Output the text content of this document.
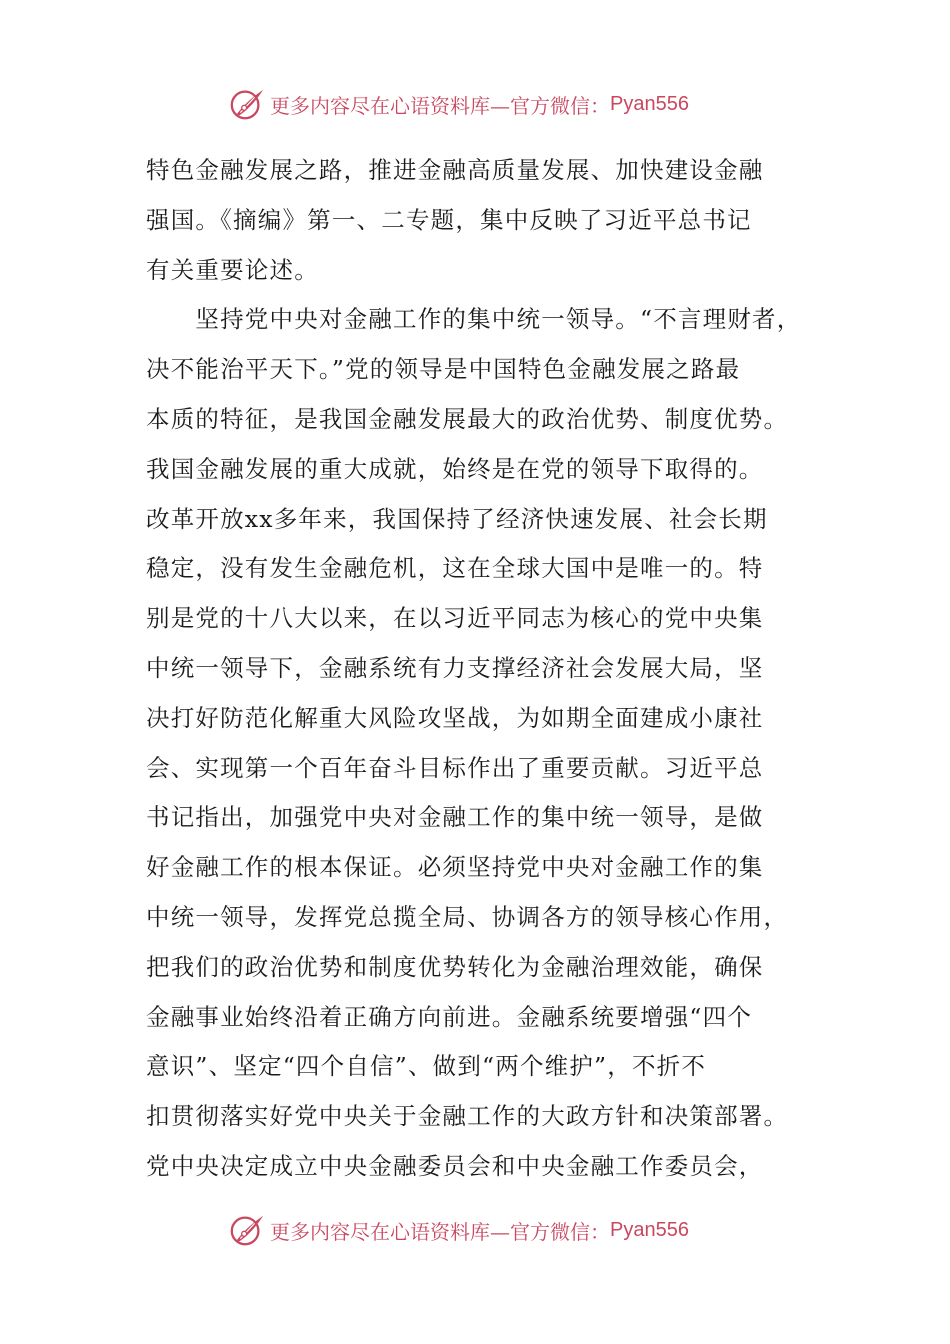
更多内容尽在心语资料库—官方微信： Pyan556
特色金融发展之路，推进金融高质量发展、加快建设金融
强国。《摘编》第一、二专题，集中反映了习近平总书记
有关重要论述。
　　坚持党中央对金融工作的集中统一领导。“不言理财者，
决不能治平天下。”党的领导是中国特色金融发展之路最
本质的特征，是我国金融发展最大的政治优势、制度优势。
我国金融发展的重大成就，始终是在党的领导下取得的。
改革开放xx多年来，我国保持了经济快速发展、社会长期
稳定，没有发生金融危机，这在全球大国中是唯一的。特
别是党的十八大以来，在以习近平同志为核心的党中央集
中统一领导下，金融系统有力支撑经济社会发展大局，坚
决打好防范化解重大风险攻坚战，为如期全面建成小康社
会、实现第一个百年奋斗目标作出了重要贡献。习近平总
书记指出，加强党中央对金融工作的集中统一领导，是做
好金融工作的根本保证。必须坚持党中央对金融工作的集
中统一领导，发挥党总揽全局、协调各方的领导核心作用，
把我们的政治优势和制度优势转化为金融治理效能，确保
金融事业始终沿着正确方向前进。金融系统要增强“四个
意识”、坚定“四个自信”、做到“两个维护”，不折不
扣贯彻落实好党中央关于金融工作的大政方针和决策部署。
党中央决定成立中央金融委员会和中央金融工作委员会，
更多内容尽在心语资料库—官方微信： Pyan556
